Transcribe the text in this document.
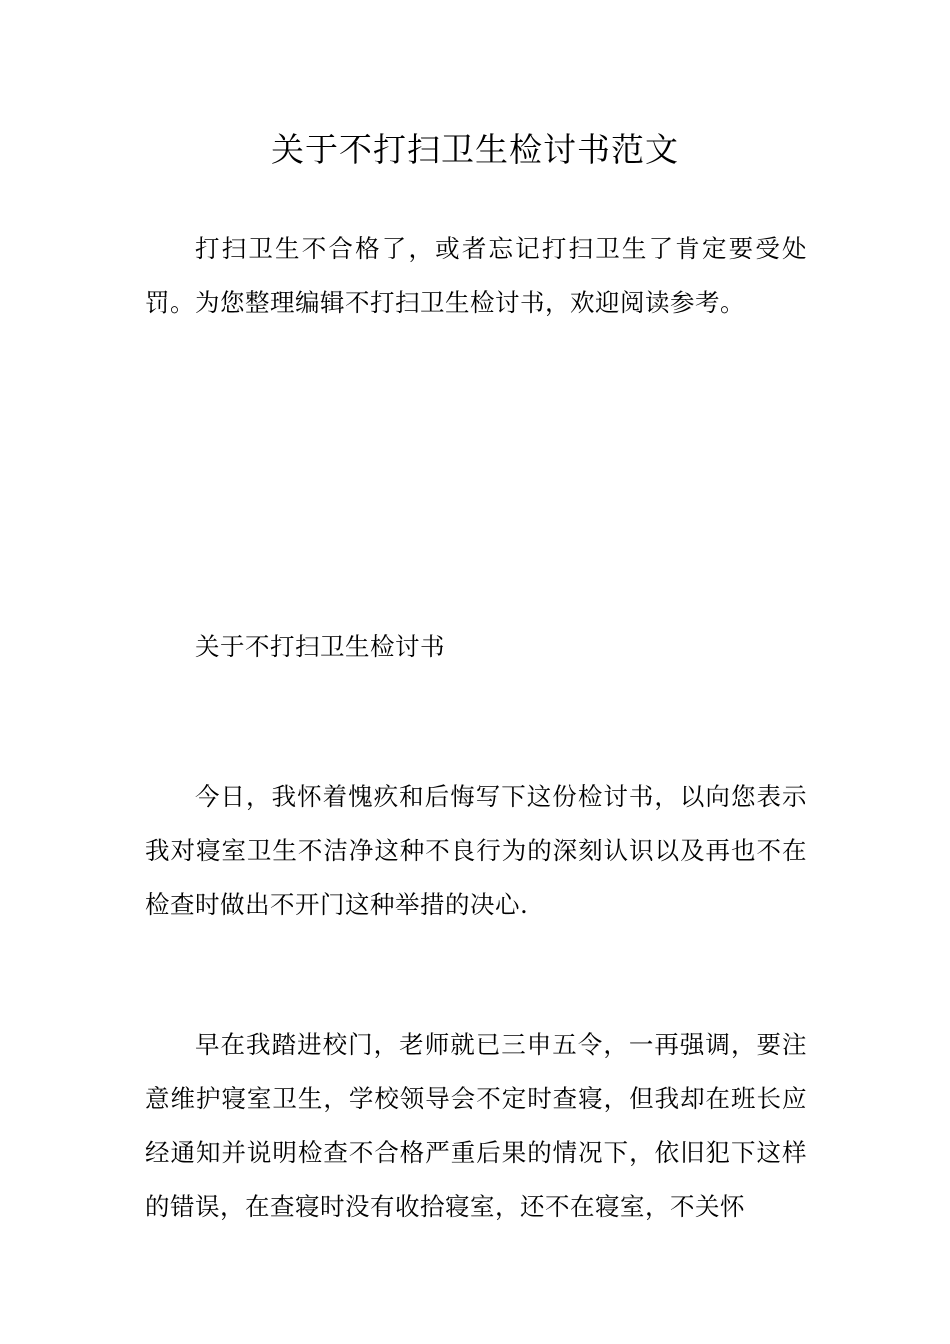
关于不打扫卫生检讨书范文

打扫卫生不合格了，或者忘记打扫卫生了肯定要受处罚。为您整理编辑不打扫卫生检讨书，欢迎阅读参考。

关于不打扫卫生检讨书

今日，我怀着愧疚和后悔写下这份检讨书，以向您表示我对寝室卫生不洁净这种不良行为的深刻认识以及再也不在检查时做出不开门这种举措的决心.

早在我踏进校门，老师就已三申五令，一再强调，要注意维护寝室卫生，学校领导会不定时查寝，但我却在班长应经通知并说明检查不合格严重后果的情况下，依旧犯下这样的错误，在查寝时没有收拾寝室，还不在寝室，不关怀
